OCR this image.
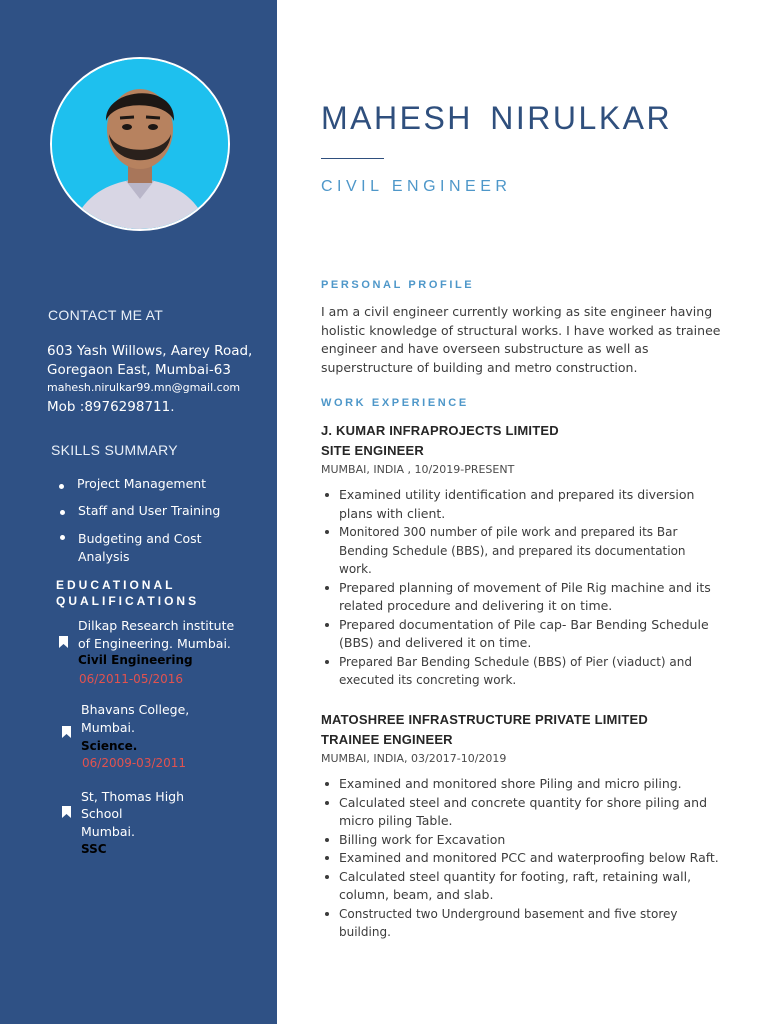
CONTACT ME AT
603 Yash Willows, Aarey Road,
Goregaon East, Mumbai-63
mahesh.nirulkar99.mn@gmail.com
Mob :8976298711.
SKILLS SUMMARY
Project Management
Staff and User Training
Budgeting and Cost
Analysis
EDUCATIONAL
QUALIFICATIONS
Dilkap Research institute
of Engineering. Mumbai.
Civil Engineering
06/2011-05/2016
Bhavans College,
Mumbai.
Science.
06/2009-03/2011
St, Thomas High
School
Mumbai.
SSC
MAHESH NIRULKAR
CIVIL ENGINEER
PERSONAL PROFILE
I am a civil engineer currently working as site engineer having holistic knowledge of structural works. I have worked as trainee engineer and have overseen substructure as well as superstructure of building and metro construction.
WORK EXPERIENCE
J. KUMAR INFRAPROJECTS LIMITED
SITE ENGINEER
MUMBAI, INDIA , 10/2019-PRESENT
Examined utility identification and prepared its diversion plans with client.
Monitored 300 number of pile work and prepared its Bar Bending Schedule (BBS), and prepared its documentation work.
Prepared planning of movement of Pile Rig machine and its related procedure and delivering it on time.
Prepared documentation of Pile cap- Bar Bending Schedule (BBS) and delivered it on time.
Prepared Bar Bending Schedule (BBS) of Pier (viaduct) and executed its concreting work.
MATOSHREE INFRASTRUCTURE PRIVATE LIMITED
TRAINEE ENGINEER
MUMBAI, INDIA, 03/2017-10/2019
Examined and monitored shore Piling and micro piling.
Calculated steel and concrete quantity for shore piling and micro piling Table.
Billing work for Excavation
Examined and monitored PCC and waterproofing below Raft.
Calculated steel quantity for footing, raft, retaining wall, column, beam, and slab.
Constructed two Underground basement and five storey building.
